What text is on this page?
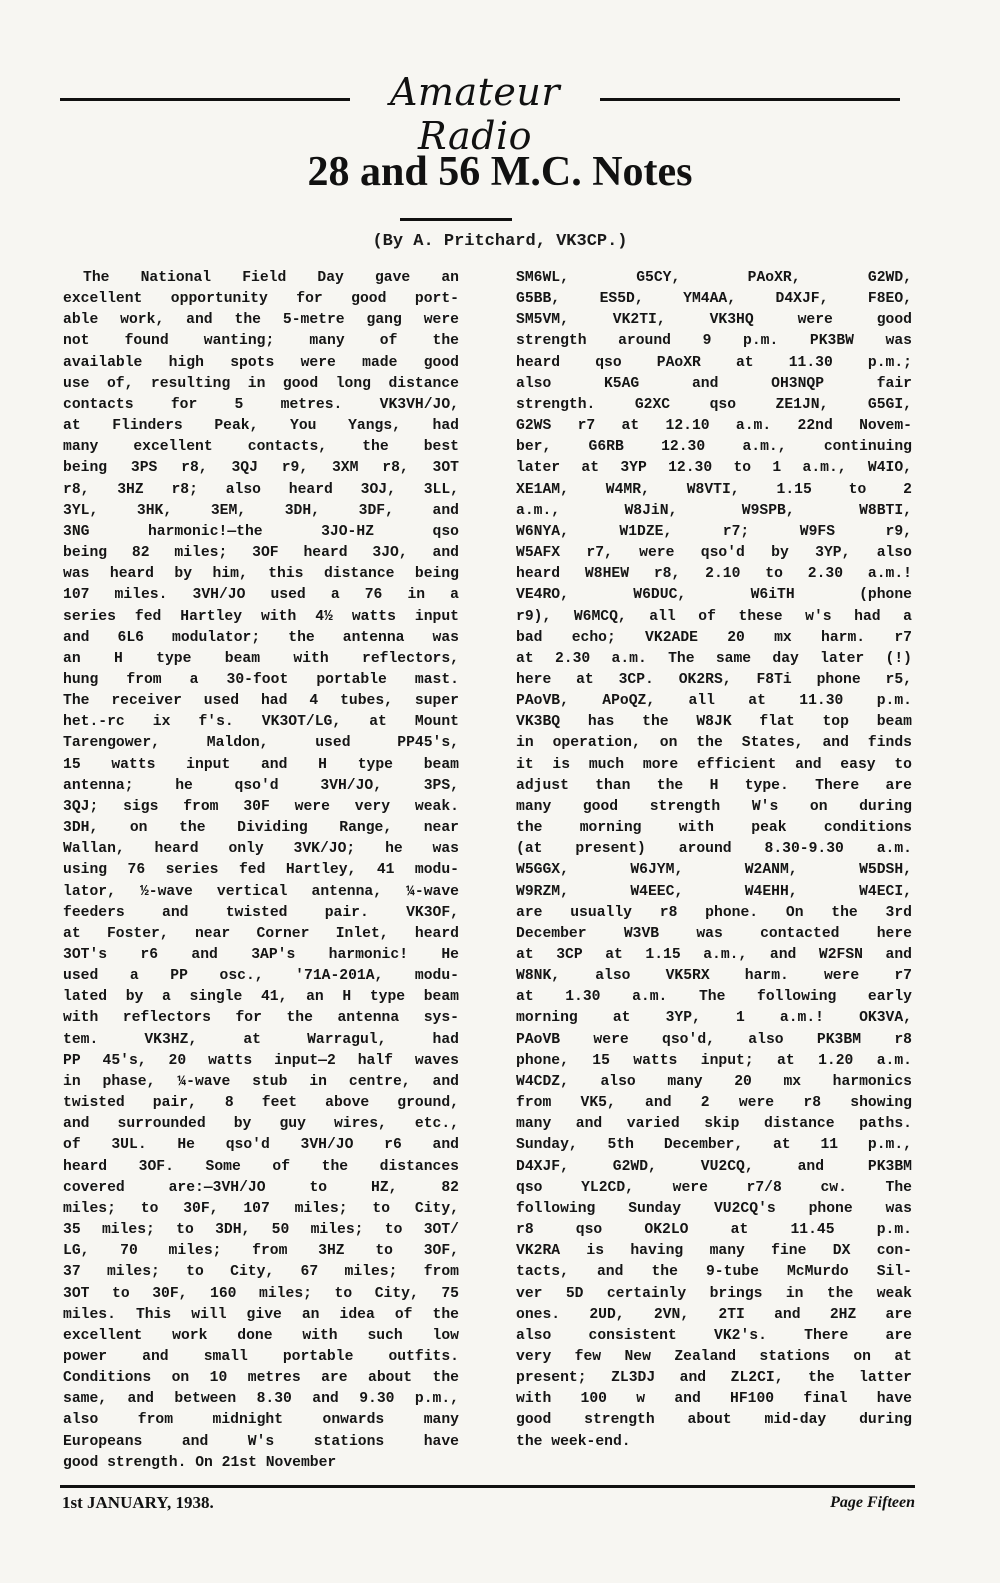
Amateur Radio
28 and 56 M.C. Notes
(By A. Pritchard, VK3CP.)
The National Field Day gave an
excellent opportunity for good port-
able work, and the 5-metre gang were
not found wanting; many of the
available high spots were made good
use of, resulting in good long distance
contacts for 5 metres. VK3VH/JO,
at Flinders Peak, You Yangs, had
many excellent contacts, the best
being 3PS r8, 3QJ r9, 3XM r8, 3OT
r8, 3HZ r8; also heard 3OJ, 3LL,
3YL, 3HK, 3EM, 3DH, 3DF, and
3NG harmonic!—the 3JO-HZ qso
being 82 miles; 3OF heard 3JO, and
was heard by him, this distance being
107 miles. 3VH/JO used a 76 in a
series fed Hartley with 4½ watts input
and 6L6 modulator; the antenna was
an H type beam with reflectors,
hung from a 30-foot portable mast.
The receiver used had 4 tubes, super
het.-rc ix f's. VK3OT/LG, at Mount
Tarengower, Maldon, used PP45's,
15 watts input and H type beam
antenna; he qso'd 3VH/JO, 3PS,
3QJ; sigs from 30F were very weak.
3DH, on the Dividing Range, near
Wallan, heard only 3VK/JO; he was
using 76 series fed Hartley, 41 modu-
lator, ½-wave vertical antenna, ¼-wave
feeders and twisted pair. VK3OF,
at Foster, near Corner Inlet, heard
3OT's r6 and 3AP's harmonic! He
used a PP osc., '71A-201A, modu-
lated by a single 41, an H type beam
with reflectors for the antenna sys-
tem. VK3HZ, at Warragul, had
PP 45's, 20 watts input—2 half waves
in phase, ¼-wave stub in centre, and
twisted pair, 8 feet above ground,
and surrounded by guy wires, etc.,
of 3UL. He qso'd 3VH/JO r6 and
heard 3OF. Some of the distances
covered are:—3VH/JO to HZ, 82
miles; to 30F, 107 miles; to City,
35 miles; to 3DH, 50 miles; to 3OT/
LG, 70 miles; from 3HZ to 3OF,
37 miles; to City, 67 miles; from
3OT to 30F, 160 miles; to City, 75
miles. This will give an idea of the
excellent work done with such low
power and small portable outfits.
Conditions on 10 metres are about the
same, and between 8.30 and 9.30 p.m.,
also from midnight onwards many
Europeans and W's stations have
good strength. On 21st November
SM6WL, G5CY, PAoXR, G2WD,
G5BB, ES5D, YM4AA, D4XJF, F8EO,
SM5VM, VK2TI, VK3HQ were good
strength around 9 p.m. PK3BW was
heard qso PAoXR at 11.30 p.m.;
also K5AG and OH3NQP fair
strength. G2XC qso ZE1JN, G5GI,
G2WS r7 at 12.10 a.m. 22nd Novem-
ber, G6RB 12.30 a.m., continuing
later at 3YP 12.30 to 1 a.m., W4IO,
XE1AM, W4MR, W8VTI, 1.15 to 2
a.m., W8JiN, W9SPB, W8BTI,
W6NYA, W1DZE, r7; W9FS r9,
W5AFX r7, were qso'd by 3YP, also
heard W8HEW r8, 2.10 to 2.30 a.m.!
VE4RO, W6DUC, W6iTH (phone
r9), W6MCQ, all of these w's had a
bad echo; VK2ADE 20 mx harm. r7
at 2.30 a.m. The same day later (!)
here at 3CP. OK2RS, F8Ti phone r5,
PAoVB, APoQZ, all at 11.30 p.m.
VK3BQ has the W8JK flat top beam
in operation, on the States, and finds
it is much more efficient and easy to
adjust than the H type. There are
many good strength W's on during
the morning with peak conditions
(at present) around 8.30-9.30 a.m.
W5GGX, W6JYM, W2ANM, W5DSH,
W9RZM, W4EEC, W4EHH, W4ECI,
are usually r8 phone. On the 3rd
December W3VB was contacted here
at 3CP at 1.15 a.m., and W2FSN and
W8NK, also VK5RX harm. were r7
at 1.30 a.m. The following early
morning at 3YP, 1 a.m.! OK3VA,
PAoVB were qso'd, also PK3BM r8
phone, 15 watts input; at 1.20 a.m.
W4CDZ, also many 20 mx harmonics
from VK5, and 2 were r8 showing
many and varied skip distance paths.
Sunday, 5th December, at 11 p.m.,
D4XJF, G2WD, VU2CQ, and PK3BM
qso YL2CD, were r7/8 cw. The
following Sunday VU2CQ's phone was
r8 qso OK2LO at 11.45 p.m.
VK2RA is having many fine DX con-
tacts, and the 9-tube McMurdo Sil-
ver 5D certainly brings in the weak
ones. 2UD, 2VN, 2TI and 2HZ are
also consistent VK2's. There are
very few New Zealand stations on at
present; ZL3DJ and ZL2CI, the latter
with 100 w and HF100 final have
good strength about mid-day during
the week-end.
1st JANUARY, 1938.	Page Fifteen
